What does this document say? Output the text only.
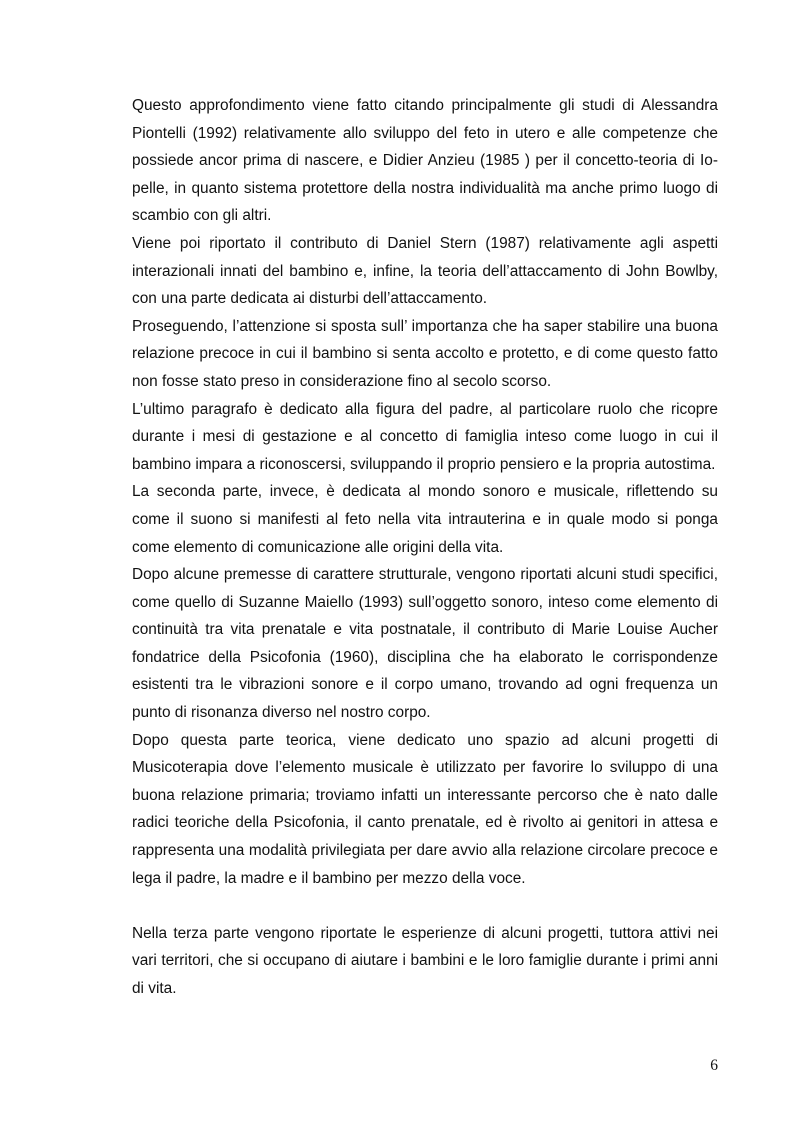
Questo approfondimento viene fatto citando principalmente gli studi di Alessandra Piontelli (1992) relativamente allo sviluppo del feto in utero e alle competenze che possiede ancor prima di nascere, e Didier Anzieu (1985 ) per il concetto-teoria di Io-pelle, in quanto sistema protettore della nostra individualità ma anche primo luogo di scambio con gli altri.

Viene poi riportato il contributo di Daniel Stern (1987) relativamente agli aspetti interazionali innati del bambino e, infine, la teoria dell’attaccamento di John Bowlby, con una parte dedicata ai disturbi dell’attaccamento.

Proseguendo, l’attenzione si sposta sull’ importanza che ha saper stabilire una buona relazione precoce in cui il bambino si senta accolto e protetto, e di come questo fatto non fosse stato preso in considerazione fino al secolo scorso.

L’ultimo paragrafo è dedicato alla figura del padre, al particolare ruolo che ricopre durante i mesi di gestazione e al concetto di famiglia inteso come luogo in cui il bambino impara a riconoscersi, sviluppando il proprio pensiero e la propria autostima.

La seconda parte, invece, è dedicata al mondo sonoro e musicale, riflettendo su come il suono si manifesti al feto nella vita intrauterina e in quale modo si ponga come elemento di comunicazione alle origini della vita.

Dopo alcune premesse di carattere strutturale, vengono riportati alcuni studi specifici, come quello di Suzanne Maiello (1993) sull’oggetto sonoro, inteso come elemento di continuità tra vita prenatale e vita postnatale, il contributo di Marie Louise Aucher fondatrice della Psicofonia (1960), disciplina che ha elaborato le corrispondenze esistenti tra le vibrazioni sonore e il corpo umano, trovando ad ogni frequenza un punto di risonanza diverso nel nostro corpo.

Dopo questa parte teorica, viene dedicato uno spazio ad alcuni progetti di Musicoterapia dove l’elemento musicale è utilizzato per favorire lo sviluppo di una buona relazione primaria; troviamo infatti un interessante percorso che è nato dalle radici teoriche della Psicofonia, il canto prenatale, ed è rivolto ai genitori in attesa e rappresenta una modalità privilegiata per dare avvio alla relazione circolare precoce e lega il padre, la madre e il bambino per mezzo della voce.

Nella terza parte vengono riportate le esperienze di alcuni progetti, tuttora attivi nei vari territori, che si occupano di aiutare i bambini e le loro famiglie durante i primi anni di vita.

6
